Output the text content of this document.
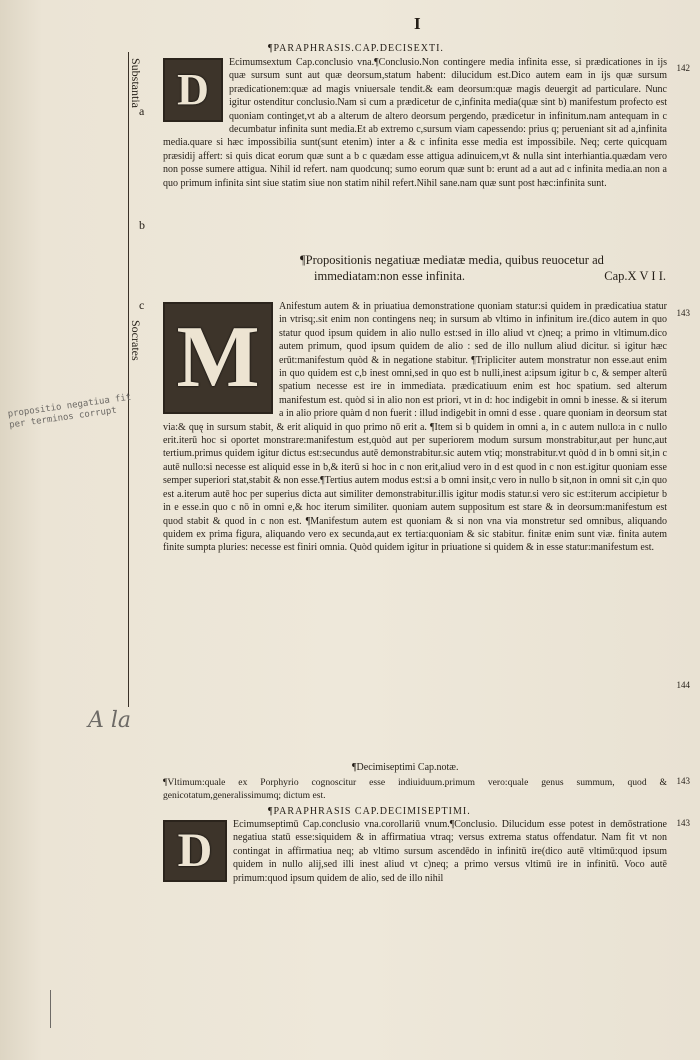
I
Substantia
Socrates
a
b
c
propositio negatiua fit per terminos corrupt
A la
¶PARAPHRASIS.CAP.DECISEXTI.
142
D

Ecimumsextum Cap.conclusio vna.¶Conclusio.Non contingere media infinita esse, si prædicationes in ijs quæ sursum sunt aut quæ deorsum,statum habent: dilucidum est.Dico autem eam in ijs quæ sursum prædicationem:quæ ad magis vniuersale tendit.& eam deorsum:quæ magis deuergit ad particulare. Nunc igitur ostenditur conclusio.Nam si cum a prædicetur de c,infinita media(quæ sint b) manifestum profecto est quoniam continget,vt ab a alterum de altero deorsum pergendo, prædicetur in infinitum.nam antequam in c decumbatur infinita sunt media.Et ab extremo c,sursum viam capessendo: prius q; perueniant sit ad a,infinita media.quare si hæc impossibilia sunt(sunt etenim) inter a & c infinita esse media est impossibile. Neq; certe quicquam præsidij affert: si quis dicat eorum quæ sunt a b c quædam esse attigua adinuicem,vt & nulla sint interhiantia.quædam vero non posse sumere attigua. Nihil id refert. nam quodcunq; sumo eorum quæ sunt b: erunt ad a aut ad c infinita media.an non a quo primum infinita sint siue statim siue non statim nihil refert.Nihil sane.nam quæ sunt post hæc:infinita sunt.

¶Propositionis negatiuæ mediatæ media, quibus reuocetur ad
immediatam:non esse infinita.	Cap.X V I I.
143
144
M

Anifestum autem & in priuatiua demonstratione quoniam statur:si quidem in prædicatiua statur in vtrisq;.sit enim non contingens neq; in sursum ab vltimo in infinitum ire.(dico autem in quo statur quod ipsum quidem in alio nullo est:sed in illo aliud vt c)neq; a primo in vltimum.dico autem primum, quod ipsum quidem de alio : sed de illo nullum aliud dicitur. si igitur hæc erūt:manifestum quòd & in negatione stabitur. ¶Tripliciter autem monstratur non esse.aut enim in quo quidem est c,b inest omni,sed in quo est b nulli,inest a:ipsum igitur b c, & semper alterū spatium necesse est ire in immediata. prædicatiuum enim est hoc spatium. sed alterum manifestum est. quòd si in alio non est priori, vt in d: hoc indigebit in omni b inesse. & si iterum a in alio priore quàm d non fuerit : illud indigebit in omni d esse . quare quoniam in deorsum stat via:& quę in sursum stabit, & erit aliquid in quo primo nō erit a. ¶Item si b quidem in omni a, in c autem nullo:a in c nullo erit.iterū hoc si oportet monstrare:manifestum est,quòd aut per superiorem modum sursum monstrabitur,aut per hunc,aut tertium.primus quidem igitur dictus est:secundus autē demonstrabitur.sic autem vtiq; monstrabitur.vt quòd d in b omni sit,in c autē nullo:si necesse est aliquid esse in b,& iterū si hoc in c non erit,aliud vero in d est quod in c non est.igitur quoniam esse semper superiori stat,stabit & non esse.¶Tertius autem modus est:si a b omni insit,c vero in nullo b sit,non in omni sit c,in quo est a.iterum autē hoc per superius dicta aut similiter demonstrabitur.illis igitur modis statur.si vero sic est:iterum accipietur b in e esse.in quo c nō in omni e,& hoc iterum similiter. quoniam autem suppositum est stare & in deorsum:manifestum est quod stabit & quod in c non est. ¶Manifestum autem est quoniam & si non vna via monstretur sed omnibus, aliquando quidem ex prima figura, aliquando vero ex secunda,aut ex tertia:quoniam & sic stabitur. finitæ enim sunt viæ. finita autem finite sumpta pluries: necesse est finiri omnia. Quòd quidem igitur in priuatione si quidem & in esse statur:manifestum est.

¶Decimiseptimi Cap.notæ.
143
¶Vltimum:quale ex Porphyrio cognoscitur esse indiuiduum.primum vero:quale genus summum, quod & genicotatum,generalissimumq; dictum est.
¶PARAPHRASIS CAP.DECIMISEPTIMI.
143
D	Ecimumseptimū Cap.conclusio vna.corollariū vnum.¶Conclusio. Dilucidum esse potest in demōstratione negatiua statū esse:siquidem & in affirmatiua vtraq; versus extrema status offendatur. Nam fit vt non contingat in affirmatiua neq; ab vltimo sursum ascendēdo in infinitū ire(dico autē vltimū:quod ipsum quidem in nullo alij,sed illi inest aliud vt c)neq; a primo versus vltimū ire in infinitū. Voco autē primum:quod ipsum quidem de alio, sed de illo nihil
